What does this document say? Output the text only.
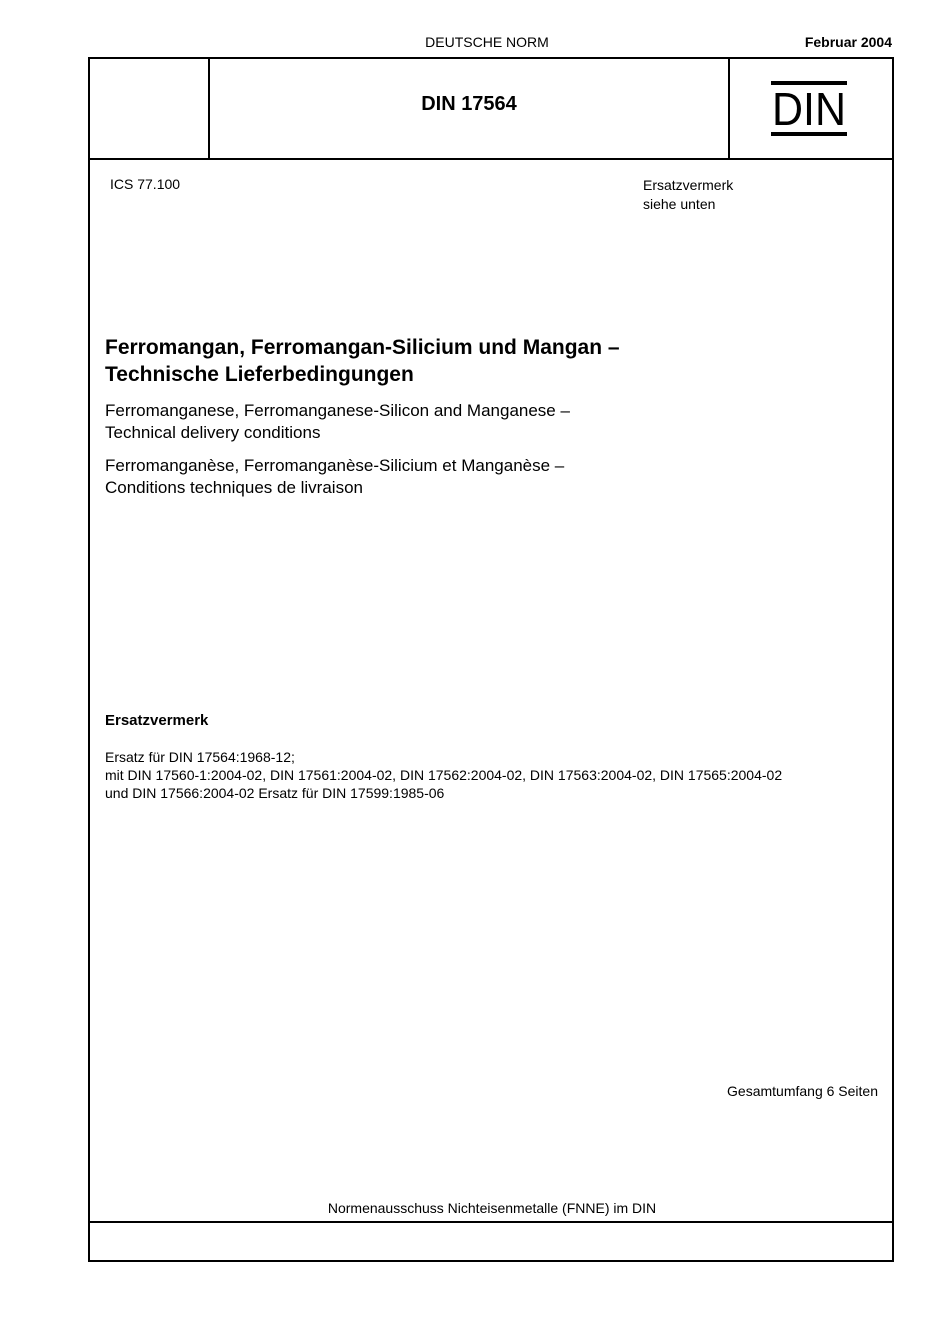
DEUTSCHE NORM	Februar 2004
DIN 17564	DIN
ICS 77.100	Ersatzvermerk
siehe unten
Ferromangan, Ferromangan-Silicium und Mangan –
Technische Lieferbedingungen
Ferromanganese, Ferromanganese-Silicon and Manganese –
Technical delivery conditions
Ferromanganèse, Ferromanganèse-Silicium et Manganèse –
Conditions techniques de livraison
Ersatzvermerk
Ersatz für DIN 17564:1968-12;
mit DIN 17560-1:2004-02, DIN 17561:2004-02, DIN 17562:2004-02, DIN 17563:2004-02, DIN 17565:2004-02
und DIN 17566:2004-02 Ersatz für DIN 17599:1985-06
Gesamtumfang 6 Seiten
Normenausschuss Nichteisenmetalle (FNNE) im DIN
